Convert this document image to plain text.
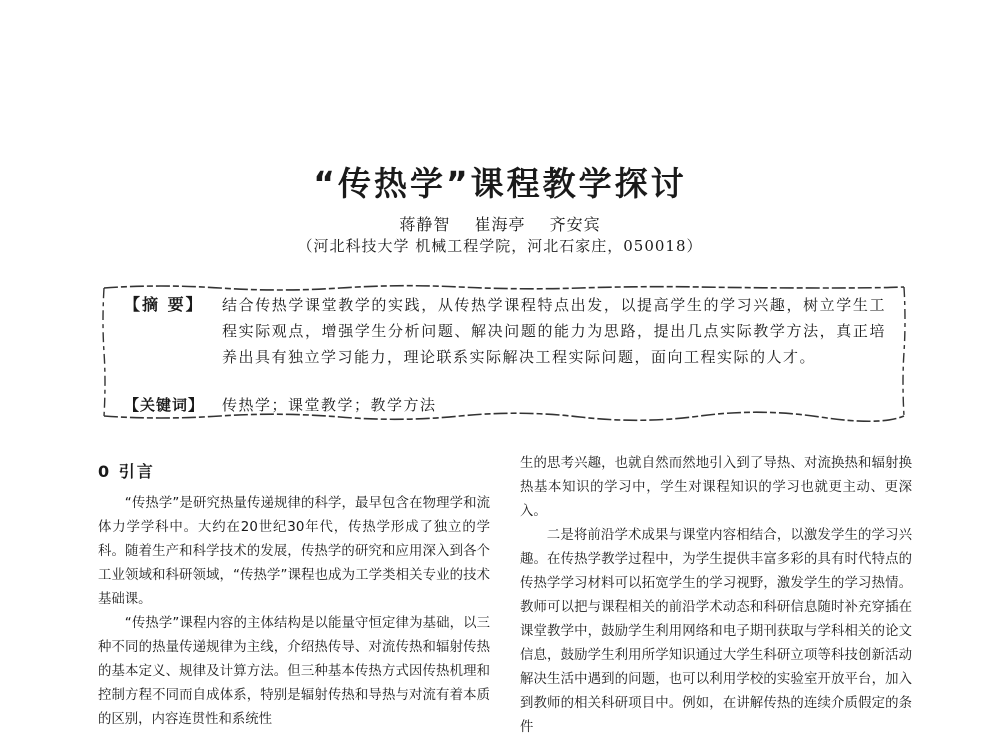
“传热学”课程教学探讨
蒋静智 崔海亭 齐安宾
（河北科技大学 机械工程学院，河北石家庄，050018）
【摘 要】 结合传热学课堂教学的实践，从传热学课程特点出发，以提高学生的学习兴趣，树立学生工程实际观点，增强学生分析问题、解决问题的能力为思路，提出几点实际教学方法，真正培养出具有独立学习能力，理论联系实际解决工程实际问题，面向工程实际的人才。
【关键词】 传热学；课堂教学；教学方法
0 引言

“传热学”是研究热量传递规律的科学，最早包含在物理学和流体力学学科中。大约在20世纪30年代，传热学形成了独立的学科。随着生产和科学技术的发展，传热学的研究和应用深入到各个工业领域和科研领域，“传热学”课程也成为工学类相关专业的技术基础课。

“传热学”课程内容的主体结构是以能量守恒定律为基础，以三种不同的热量传递规律为主线，介绍热传导、对流传热和辐射传热的基本定义、规律及计算方法。但三种基本传热方式因传热机理和控制方程不同而自成体系，特别是辐射传热和导热与对流有着本质的区别，内容连贯性和系统性

生的思考兴趣，也就自然而然地引入到了导热、对流换热和辐射换热基本知识的学习中，学生对课程知识的学习也就更主动、更深入。

二是将前沿学术成果与课堂内容相结合，以激发学生的学习兴趣。在传热学教学过程中，为学生提供丰富多彩的具有时代特点的传热学学习材料可以拓宽学生的学习视野，激发学生的学习热情。教师可以把与课程相关的前沿学术动态和科研信息随时补充穿插在课堂教学中，鼓励学生利用网络和电子期刊获取与学科相关的论文信息，鼓励学生利用所学知识通过大学生科研立项等科技创新活动解决生活中遇到的问题，也可以利用学校的实验室开放平台，加入到教师的相关科研项目中。例如，在讲解传热的连续介质假定的条件
